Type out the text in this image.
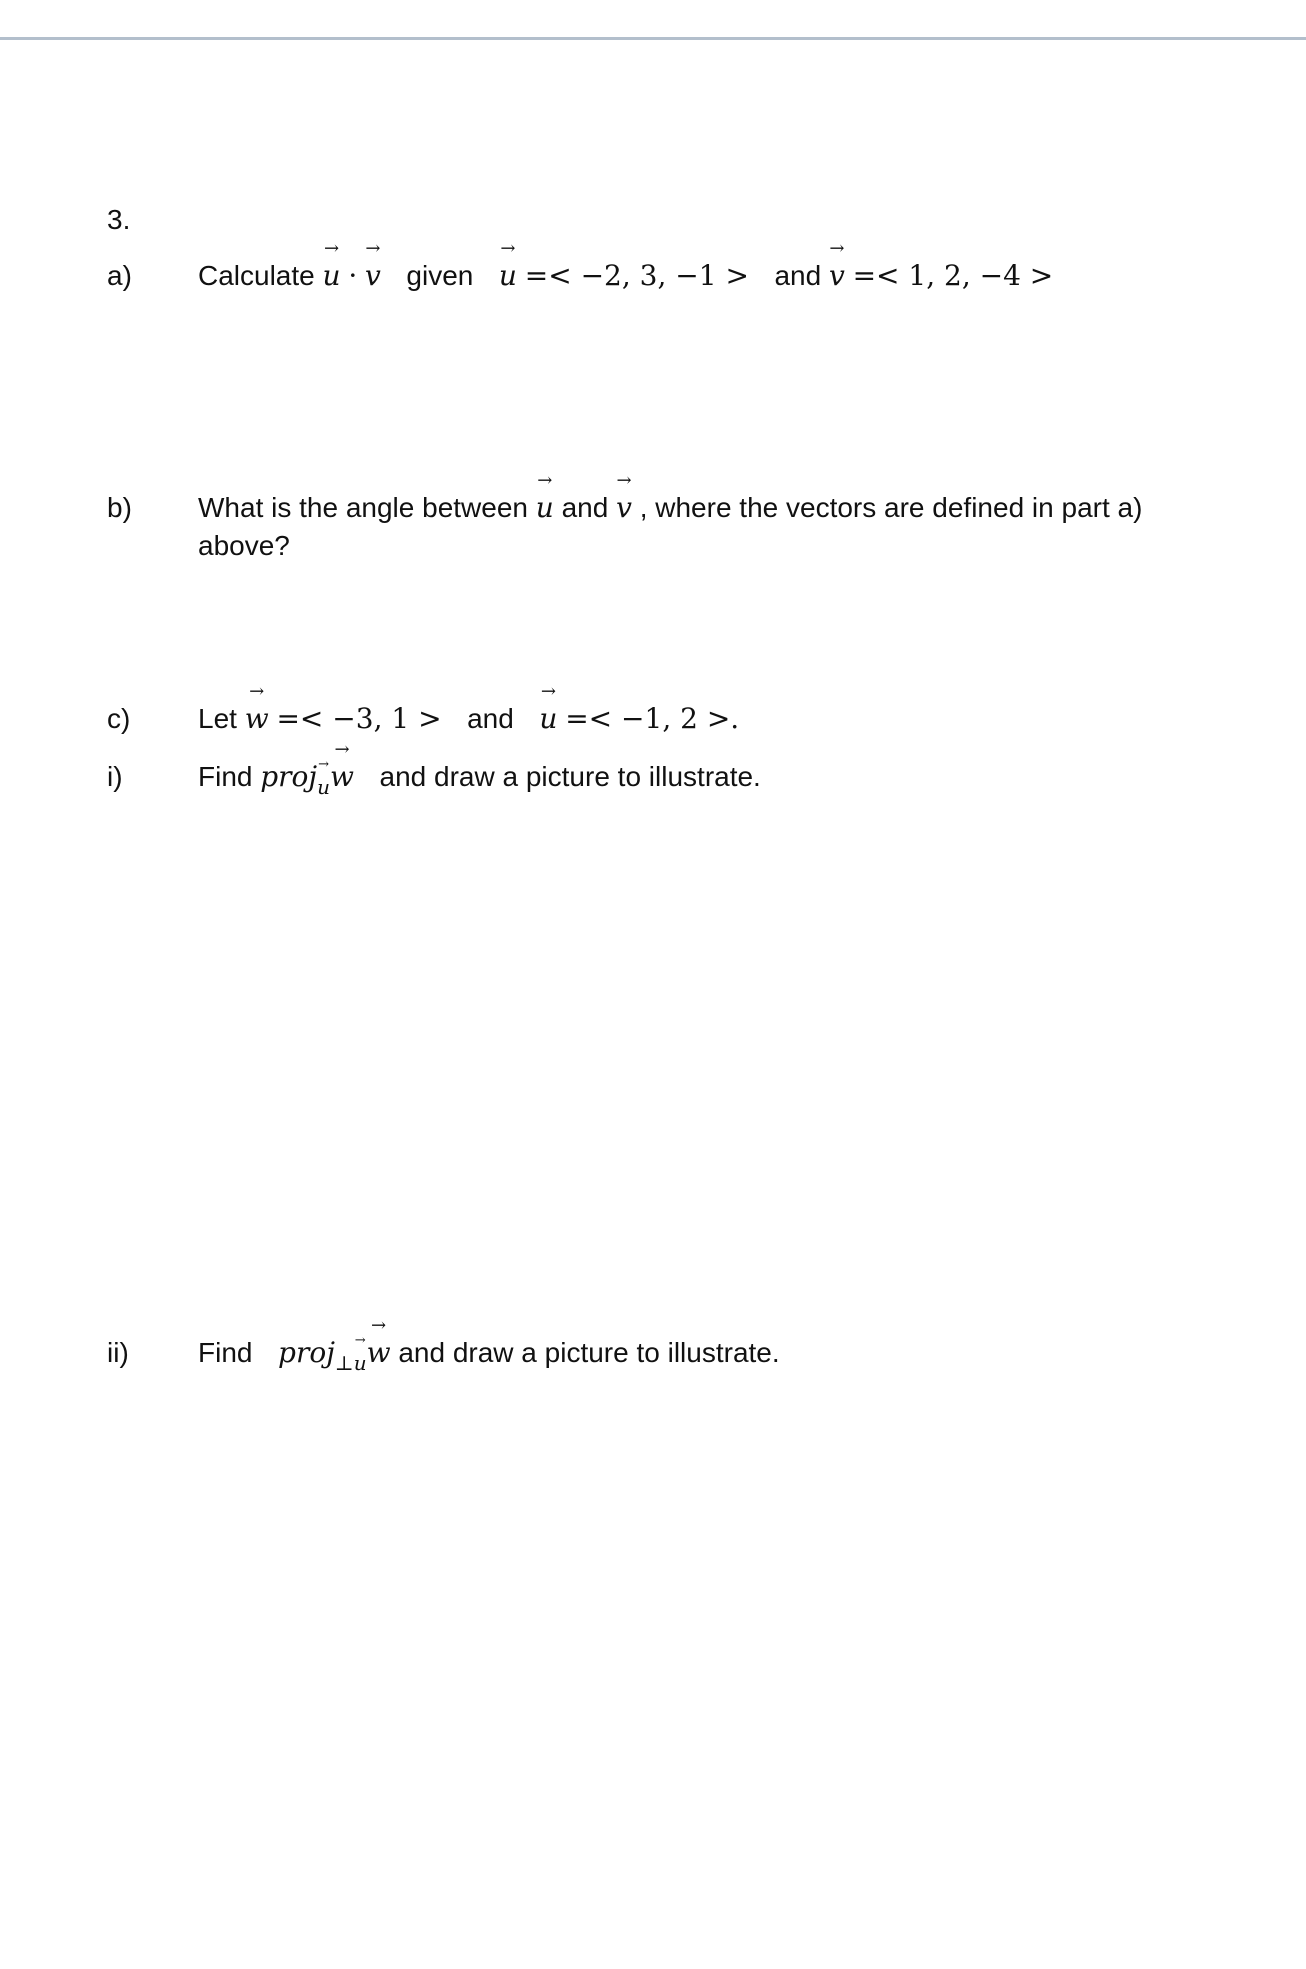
3.
a) Calculate u
→
· v
→
given u
→
=< −2, 3, −1 > and v
→
=< 1, 2, −4 >
b) What is the angle between u
→
and v
→
, where the vectors are defined in part a)
above?
c) Let w
→
=< −3, 1 > and u
→
=< −1, 2 >.
i)	Find proju
→ w
→
and draw a picture to illustrate.
ii) Find proj⊥u
→ w
→
and draw a picture to illustrate.
